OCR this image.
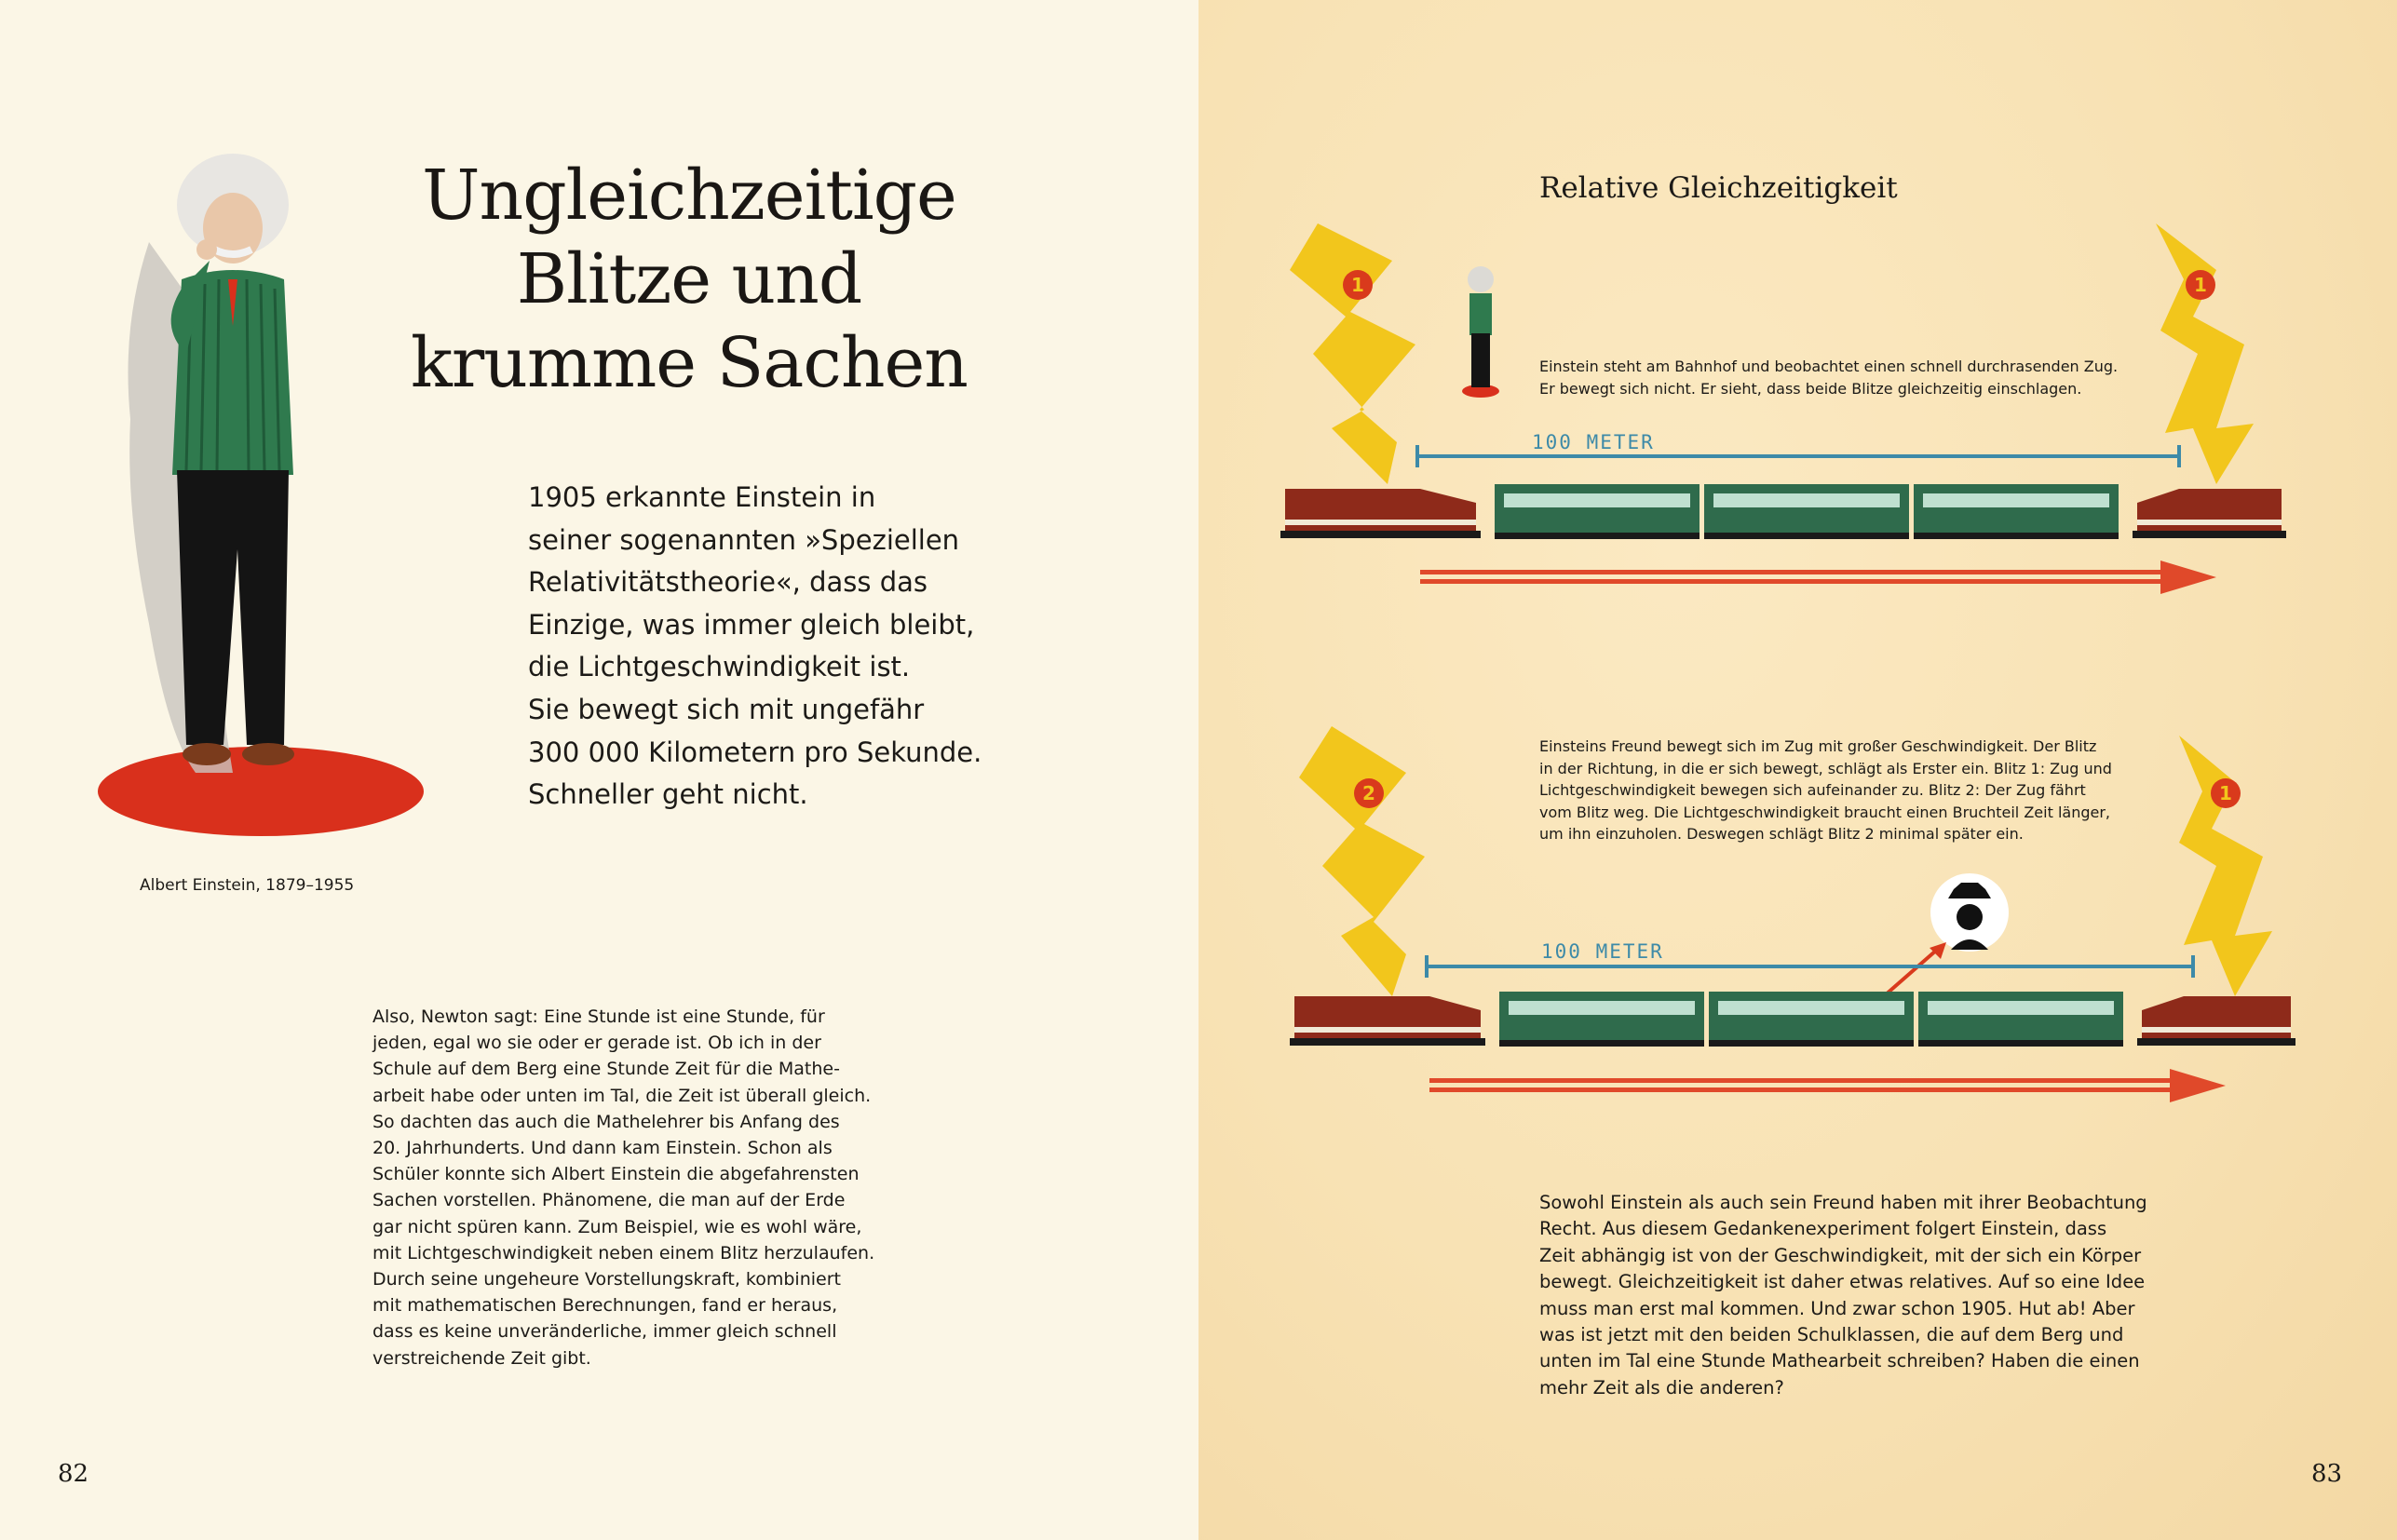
Ungleichzeitige
Blitze und
krumme Sachen
1905 erkannte Einstein in
seiner sogenannten »Speziellen
Relativitätstheorie«, dass das
Einzige, was immer gleich bleibt,
die Lichtgeschwindigkeit ist.
Sie bewegt sich mit ungefähr
300 000 Kilometern pro Sekunde.
Schneller geht nicht.
Albert Einstein, 1879–1955
Also, Newton sagt: Eine Stunde ist eine Stunde, für
jeden, egal wo sie oder er gerade ist. Ob ich in der
Schule auf dem Berg eine Stunde Zeit für die Mathe-
arbeit habe oder unten im Tal, die Zeit ist überall gleich.
So dachten das auch die Mathelehrer bis Anfang des
20. Jahrhunderts. Und dann kam Einstein. Schon als
Schüler konnte sich Albert Einstein die abgefahrensten
Sachen vorstellen. Phänomene, die man auf der Erde
gar nicht spüren kann. Zum Beispiel, wie es wohl wäre,
mit Lichtgeschwindigkeit neben einem Blitz herzulaufen.
Durch seine ungeheure Vorstellungskraft, kombiniert
mit mathematischen Berechnungen, fand er heraus,
dass es keine unveränderliche, immer gleich schnell
verstreichende Zeit gibt.
82
Relative Gleichzeitigkeit
1	1
100 METER
Einstein steht am Bahnhof und beobachtet einen schnell durchrasenden Zug.
Er bewegt sich nicht. Er sieht, dass beide Blitze gleichzeitig einschlagen.
Einsteins Freund bewegt sich im Zug mit großer Geschwindigkeit. Der Blitz
in der Richtung, in die er sich bewegt, schlägt als Erster ein. Blitz 1: Zug und
Lichtgeschwindigkeit bewegen sich aufeinander zu. Blitz 2: Der Zug fährt
vom Blitz weg. Die Lichtgeschwindigkeit braucht einen Bruchteil Zeit länger,
um ihn einzuholen. Deswegen schlägt Blitz 2 minimal später ein.
2	1
100 METER
Sowohl Einstein als auch sein Freund haben mit ihrer Beobachtung
Recht. Aus diesem Gedankenexperiment folgert Einstein, dass
Zeit abhängig ist von der Geschwindigkeit, mit der sich ein Körper
bewegt. Gleichzeitigkeit ist daher etwas relatives. Auf so eine Idee
muss man erst mal kommen. Und zwar schon 1905. Hut ab! Aber
was ist jetzt mit den beiden Schulklassen, die auf dem Berg und
unten im Tal eine Stunde Mathearbeit schreiben? Haben die einen
mehr Zeit als die anderen?
83
